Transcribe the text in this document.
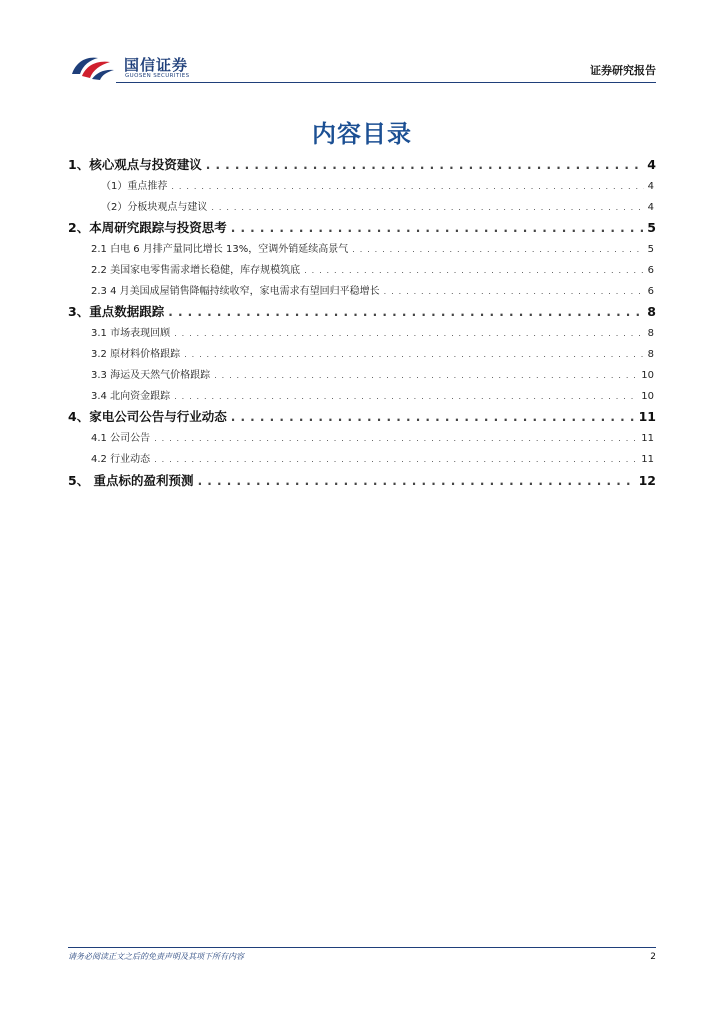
国信证券
GUOSEN SECURITIES	证券研究报告
内容目录
1、核心观点与投资建议 . . .	4
（1）重点推荐 . . .	4
（2）分板块观点与建议 . . .	4
2、本周研究跟踪与投资思考 . . .	5
2.1 白电 6 月排产量同比增长 13%，空调外销延续高景气 . . .	5
2.2 美国家电零售需求增长稳健，库存规模筑底 . . .	6
2.3 4 月美国成屋销售降幅持续收窄，家电需求有望回归平稳增长 . . .	6
3、重点数据跟踪 . . .	8
3.1 市场表现回顾 . . .	8
3.2 原材料价格跟踪 . . .	8
3.3 海运及天然气价格跟踪 . . .	10
3.4 北向资金跟踪 . . .	10
4、家电公司公告与行业动态 . . .	11
4.1 公司公告 . . .	11
4.2 行业动态 . . .	11
5、 重点标的盈利预测 . . .	12
请务必阅读正文之后的免责声明及其项下所有内容	2
